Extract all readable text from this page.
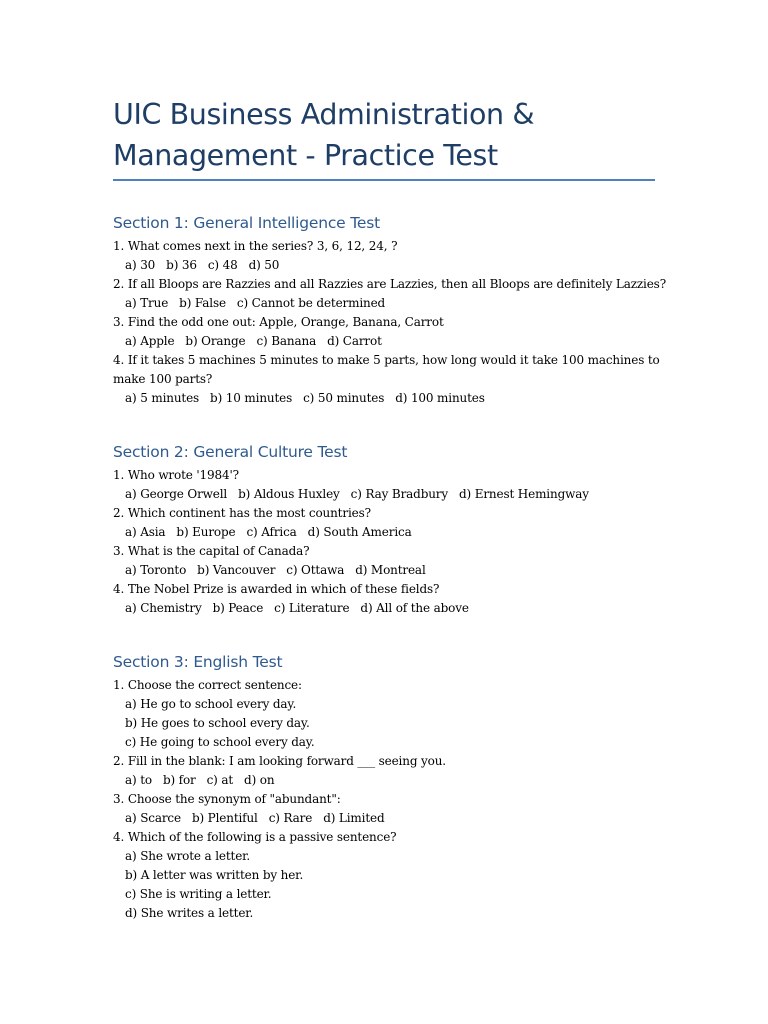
UIC Business Administration &
Management - Practice Test
Section 1: General Intelligence Test
1. What comes next in the series? 3, 6, 12, 24, ?
a) 30   b) 36   c) 48   d) 50
2. If all Bloops are Razzies and all Razzies are Lazzies, then all Bloops are definitely Lazzies?
a) True   b) False   c) Cannot be determined
3. Find the odd one out: Apple, Orange, Banana, Carrot
a) Apple   b) Orange   c) Banana   d) Carrot
4. If it takes 5 machines 5 minutes to make 5 parts, how long would it take 100 machines to
make 100 parts?
a) 5 minutes   b) 10 minutes   c) 50 minutes   d) 100 minutes
Section 2: General Culture Test
1. Who wrote '1984'?
a) George Orwell   b) Aldous Huxley   c) Ray Bradbury   d) Ernest Hemingway
2. Which continent has the most countries?
a) Asia   b) Europe   c) Africa   d) South America
3. What is the capital of Canada?
a) Toronto   b) Vancouver   c) Ottawa   d) Montreal
4. The Nobel Prize is awarded in which of these fields?
a) Chemistry   b) Peace   c) Literature   d) All of the above
Section 3: English Test
1. Choose the correct sentence:
a) He go to school every day.
b) He goes to school every day.
c) He going to school every day.
2. Fill in the blank: I am looking forward ___ seeing you.
a) to   b) for   c) at   d) on
3. Choose the synonym of "abundant":
a) Scarce   b) Plentiful   c) Rare   d) Limited
4. Which of the following is a passive sentence?
a) She wrote a letter.
b) A letter was written by her.
c) She is writing a letter.
d) She writes a letter.
